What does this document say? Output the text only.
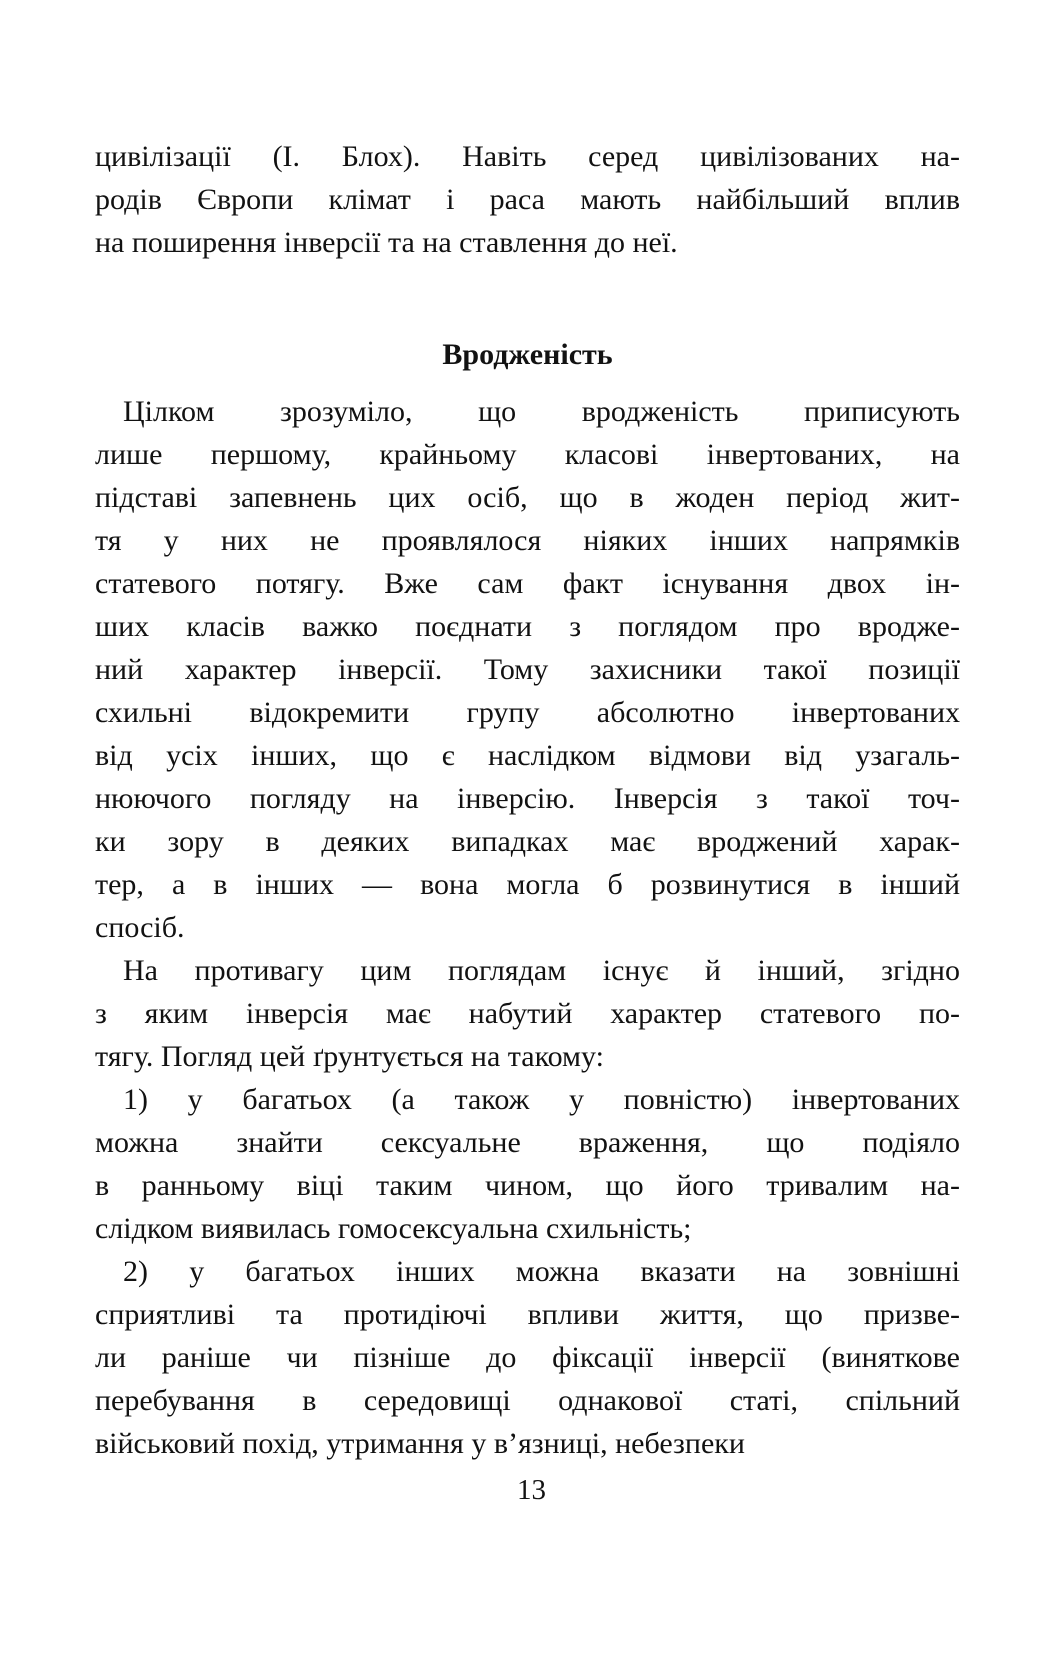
цивілізації (І. Блох). Навіть серед цивілізованих на-
родів Європи клімат і раса мають найбільший вплив
на поширення інверсії та на ставлення до неї.

Вродженість

Цілком зрозуміло, що вродженість приписують
лише першому, крайньому класові інвертованих, на
підставі запевнень цих осіб, що в жоден період жит-
тя у них не проявлялося ніяких інших напрямків
статевого потягу. Вже сам факт існування двох ін-
ших класів важко поєднати з поглядом про вродже-
ний характер інверсії. Тому захисники такої позиції
схильні відокремити групу абсолютно інвертованих
від усіх інших, що є наслідком відмови від узагаль-
нюючого погляду на інверсію. Інверсія з такої точ-
ки зору в деяких випадках має вроджений харак-
тер, а в інших — вона могла б розвинутися в інший
спосіб.

На противагу цим поглядам існує й інший, згідно
з яким інверсія має набутий характер статевого по-
тягу. Погляд цей ґрунтується на такому:

1) у багатьох (а також у повністю) інвертованих
можна знайти сексуальне враження, що подіяло
в ранньому віці таким чином, що його тривалим на-
слідком виявилась гомосексуальна схильність;

2) у багатьох інших можна вказати на зовнішні
сприятливі та протидіючі впливи життя, що призве-
ли раніше чи пізніше до фіксації інверсії (виняткове
перебування в середовищі однакової статі, спільний
військовий похід, утримання у в’язниці, небезпеки

13
